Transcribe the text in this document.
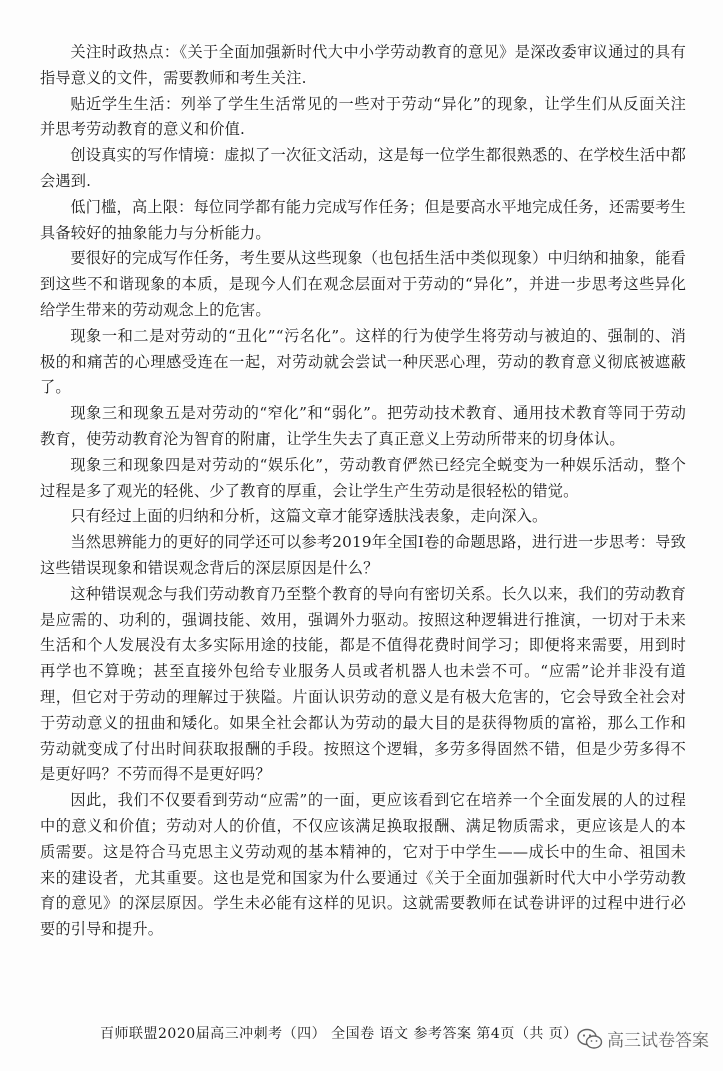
关注时政热点：《关于全面加强新时代大中小学劳动教育的意见》是深改委审议通过的具有指导意义的文件，需要教师和考生关注.

贴近学生生活：列举了学生生活常见的一些对于劳动“异化”的现象，让学生们从反面关注并思考劳动教育的意义和价值.

创设真实的写作情境：虚拟了一次征文活动，这是每一位学生都很熟悉的、在学校生活中都会遇到.

低门槛，高上限：每位同学都有能力完成写作任务；但是要高水平地完成任务，还需要考生具备较好的抽象能力与分析能力。

要很好的完成写作任务，考生要从这些现象（也包括生活中类似现象）中归纳和抽象，能看到这些不和谐现象的本质，是现今人们在观念层面对于劳动的“异化”，并进一步思考这些异化给学生带来的劳动观念上的危害。

现象一和二是对劳动的“丑化”“污名化”。这样的行为使学生将劳动与被迫的、强制的、消极的和痛苦的心理感受连在一起，对劳动就会尝试一种厌恶心理，劳动的教育意义彻底被遮蔽了。

现象三和现象五是对劳动的“窄化”和“弱化”。把劳动技术教育、通用技术教育等同于劳动教育，使劳动教育沦为智育的附庸，让学生失去了真正意义上劳动所带来的切身体认。

现象三和现象四是对劳动的“娱乐化”，劳动教育俨然已经完全蜕变为一种娱乐活动，整个过程是多了观光的轻佻、少了教育的厚重，会让学生产生劳动是很轻松的错觉。

只有经过上面的归纳和分析，这篇文章才能穿透肤浅表象，走向深入。

当然思辨能力的更好的同学还可以参考2019年全国Ⅰ卷的命题思路，进行进一步思考：导致这些错误现象和错误观念背后的深层原因是什么？

这种错误观念与我们劳动教育乃至整个教育的导向有密切关系。长久以来，我们的劳动教育是应需的、功利的，强调技能、效用，强调外力驱动。按照这种逻辑进行推演，一切对于未来生活和个人发展没有太多实际用途的技能，都是不值得花费时间学习；即便将来需要，用到时再学也不算晚；甚至直接外包给专业服务人员或者机器人也未尝不可。“应需”论并非没有道理，但它对于劳动的理解过于狭隘。片面认识劳动的意义是有极大危害的，它会导致全社会对于劳动意义的扭曲和矮化。如果全社会都认为劳动的最大目的是获得物质的富裕，那么工作和劳动就变成了付出时间获取报酬的手段。按照这个逻辑，多劳多得固然不错，但是少劳多得不是更好吗？不劳而得不是更好吗？

因此，我们不仅要看到劳动“应需”的一面，更应该看到它在培养一个全面发展的人的过程中的意义和价值；劳动对人的价值，不仅应该满足换取报酬、满足物质需求，更应该是人的本质需要。这是符合马克思主义劳动观的基本精神的，它对于中学生——成长中的生命、祖国未来的建设者，尤其重要。这也是党和国家为什么要通过《关于全面加强新时代大中小学劳动教育的意见》的深层原因。学生未必能有这样的见识。这就需要教师在试卷讲评的过程中进行必要的引导和提升。

百师联盟2020届高三冲刺考（四） 全国卷 语文 参考答案 第4页（共 页）	高三试卷答案
